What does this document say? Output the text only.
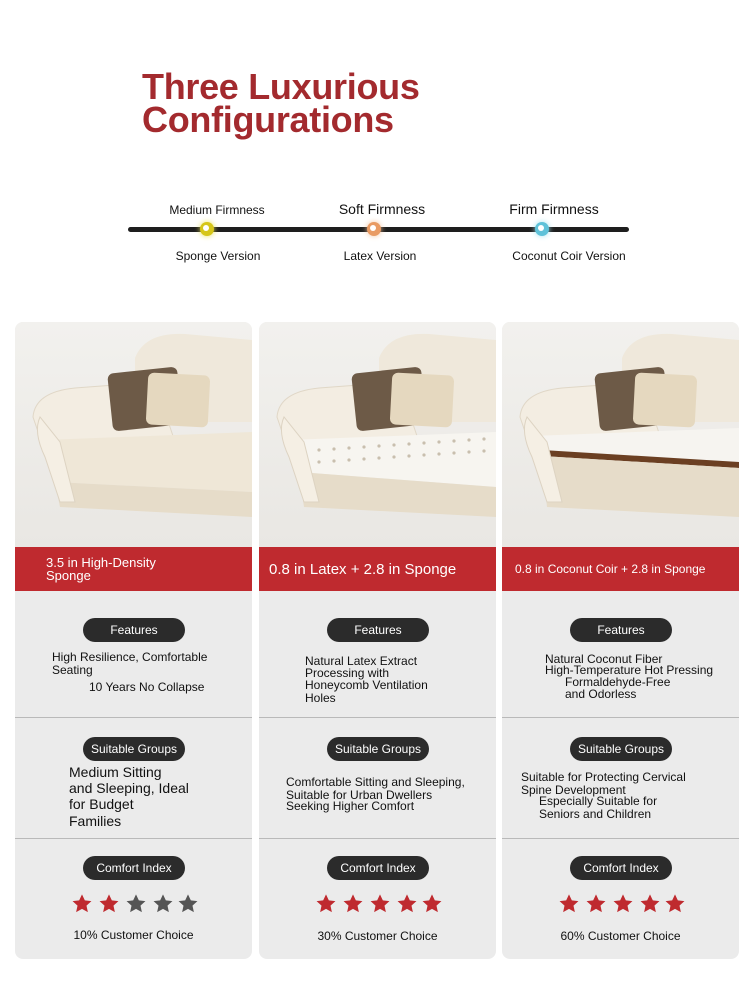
Three Luxurious
Configurations
Medium Firmness
Sponge Version
Soft Firmness
Latex Version
Firm Firmness
Coconut Coir Version
3.5 in High-Density Sponge
Features
High Resilience, Comfortable
Seating
10 Years No Collapse
Suitable Groups
Medium Sitting
and Sleeping, Ideal
for Budget
Families
Comfort Index
10% Customer Choice
0.8 in Latex + 2.8 in Sponge
Features
Natural Latex Extract
Processing with
Honeycomb Ventilation
Holes
Suitable Groups
Comfortable Sitting and Sleeping,
Suitable for Urban Dwellers
Seeking Higher Comfort
Comfort Index
30% Customer Choice
0.8 in Coconut Coir + 2.8 in Sponge
Features
Natural Coconut Fiber
High-Temperature Hot Pressing
Formaldehyde-Free
and Odorless
Suitable Groups
Suitable for Protecting Cervical
Spine Development
Especially Suitable for
Seniors and Children
Comfort Index
60% Customer Choice
